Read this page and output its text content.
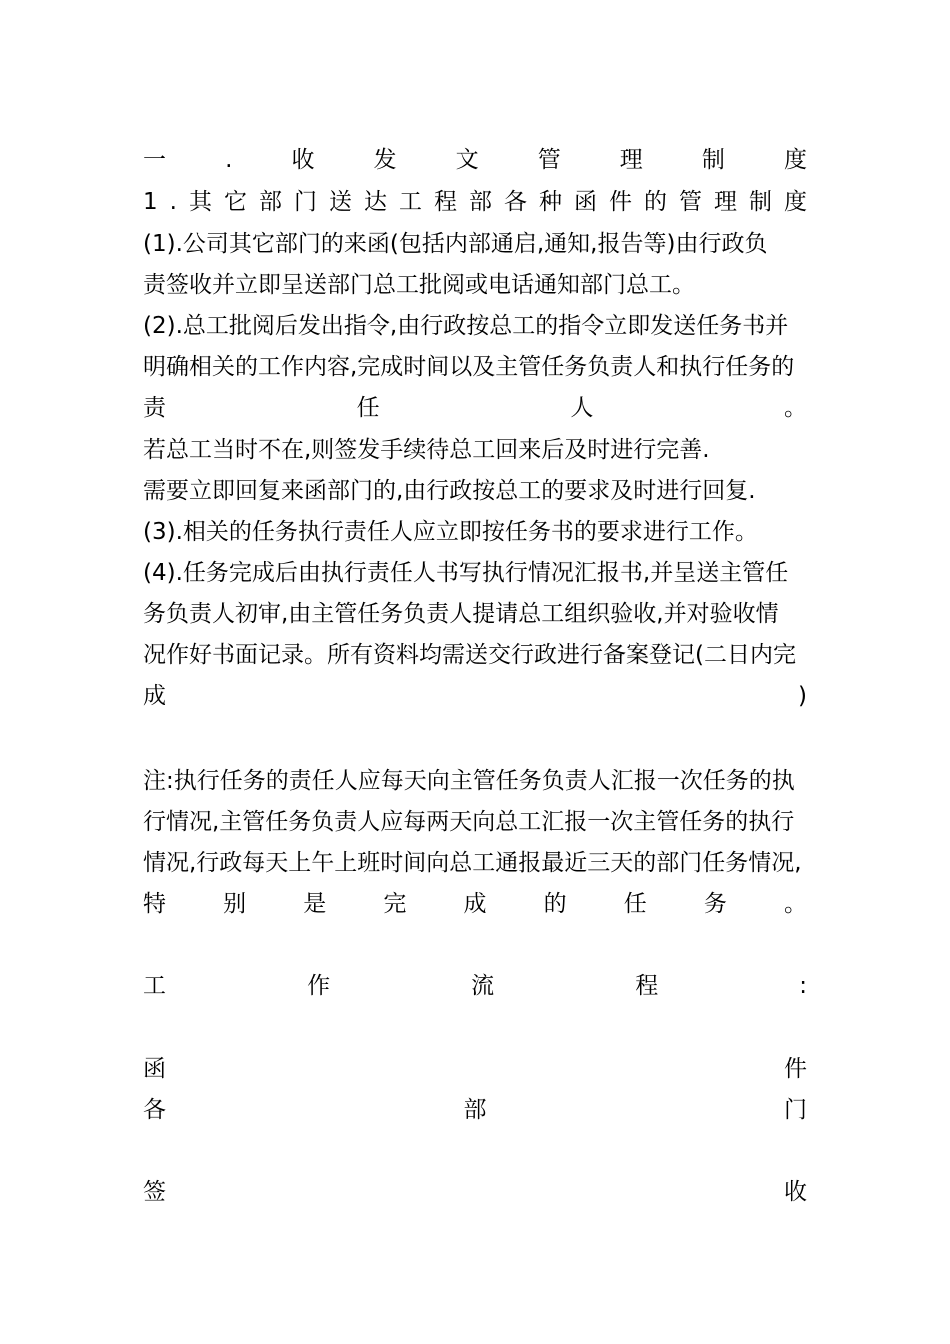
一	.	收	发	文	管	理	制	度
1 . 其 它 部 门 送 达 工 程 部 各 种 函 件 的 管 理 制 度
(1).公司其它部门的来函(包括内部通启,通知,报告等)由行政负
责签收并立即呈送部门总工批阅或电话通知部门总工。
(2).总工批阅后发出指令,由行政按总工的指令立即发送任务书并
明确相关的工作内容,完成时间以及主管任务负责人和执行任务的
责	任	人	。
若总工当时不在,则签发手续待总工回来后及时进行完善.
需要立即回复来函部门的,由行政按总工的要求及时进行回复.
(3).相关的任务执行责任人应立即按任务书的要求进行工作。
(4).任务完成后由执行责任人书写执行情况汇报书,并呈送主管任
务负责人初审,由主管任务负责人提请总工组织验收,并对验收情
况作好书面记录。所有资料均需送交行政进行备案登记(二日内完
成	)
注:执行任务的责任人应每天向主管任务负责人汇报一次任务的执
行情况,主管任务负责人应每两天向总工汇报一次主管任务的执行
情况,行政每天上午上班时间向总工通报最近三天的部门任务情况,
特 别 是 完 成 的 任 务 。
工	作	流	程	:
函	件
各	部	门
签	收
